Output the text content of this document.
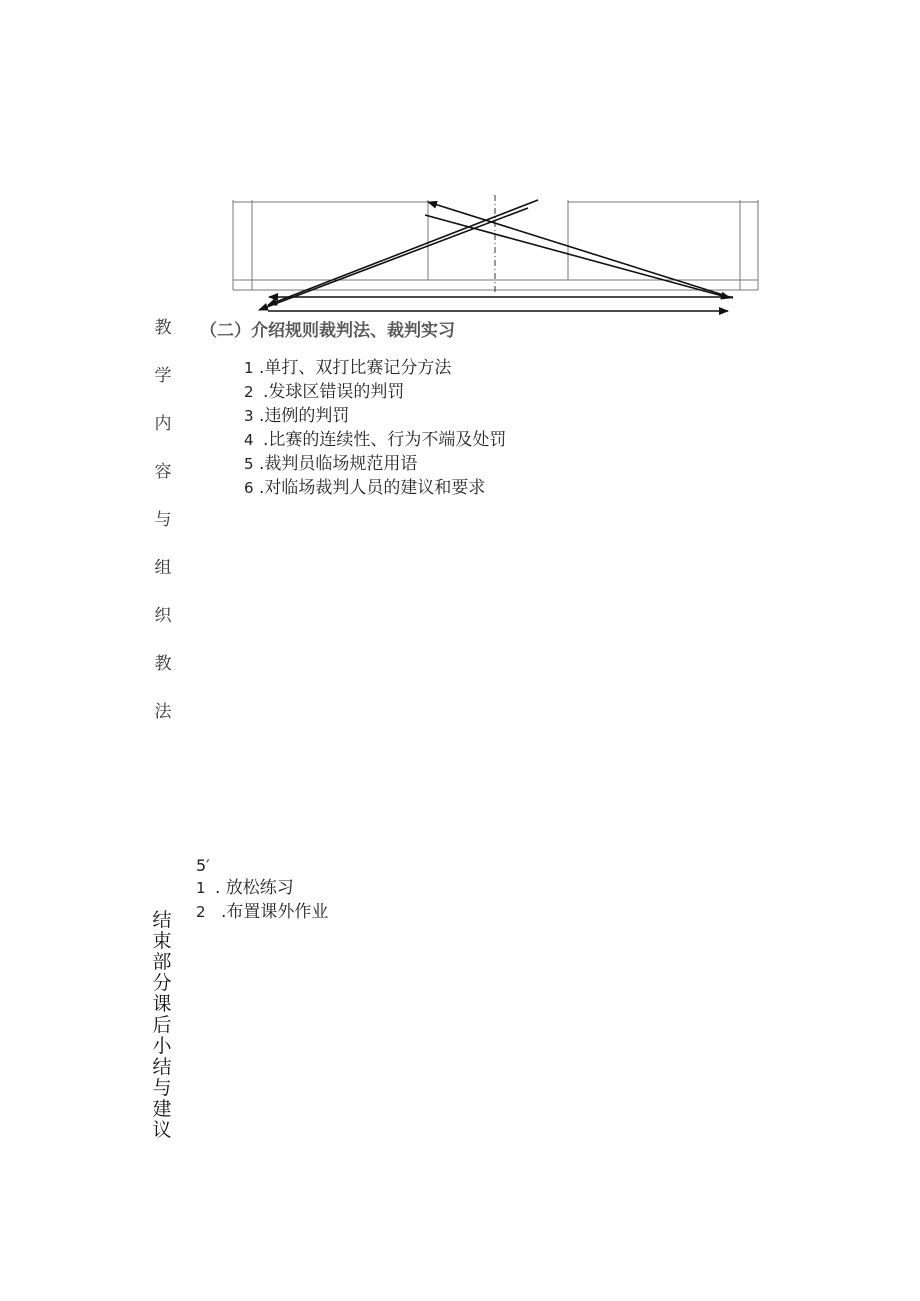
教
学
内
容
与
组
织
教
法
（二）介绍规则裁判法、裁判实习
1 .单打、双打比赛记分方法
2 .发球区错误的判罚
3 .违例的判罚
4 .比赛的连续性、行为不端及处罚
5 .裁判员临场规范用语
6 .对临场裁判人员的建议和要求
5′
1 . 放松练习
2 .布置课外作业
结
束
部
分
课
后
小
结
与
建
议
